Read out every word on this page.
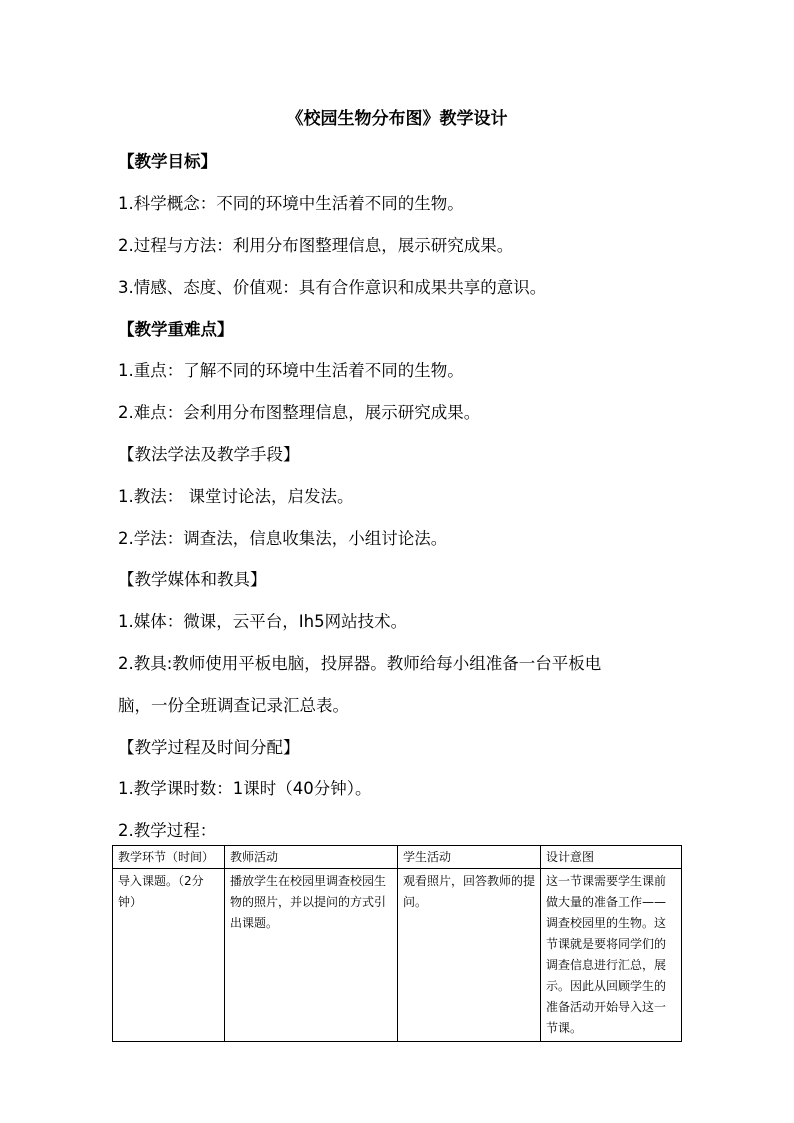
《校园生物分布图》教学设计
【教学目标】
1.科学概念：不同的环境中生活着不同的生物。
2.过程与方法：利用分布图整理信息，展示研究成果。
3.情感、态度、价值观：具有合作意识和成果共享的意识。
【教学重难点】
1.重点：了解不同的环境中生活着不同的生物。
2.难点：会利用分布图整理信息，展示研究成果。
【教法学法及教学手段】
1.教法： 课堂讨论法，启发法。
2.学法：调查法，信息收集法，小组讨论法。
【教学媒体和教具】
1.媒体：微课，云平台，Ih5网站技术。
2.教具:教师使用平板电脑，投屏器。教师给每小组准备一台平板电
脑，一份全班调查记录汇总表。
【教学过程及时间分配】
1.教学课时数：1课时（40分钟）。
2.教学过程：
教学环节（时间）	教师活动	学生活动	设计意图
导入课题。（2分钟）	播放学生在校园里调查校园生物的照片，并以提问的方式引出课题。	观看照片，回答教师的提问。	这一节课需要学生课前做大量的准备工作——调查校园里的生物。这节课就是要将同学们的调查信息进行汇总，展示。因此从回顾学生的准备活动开始导入这一节课。
